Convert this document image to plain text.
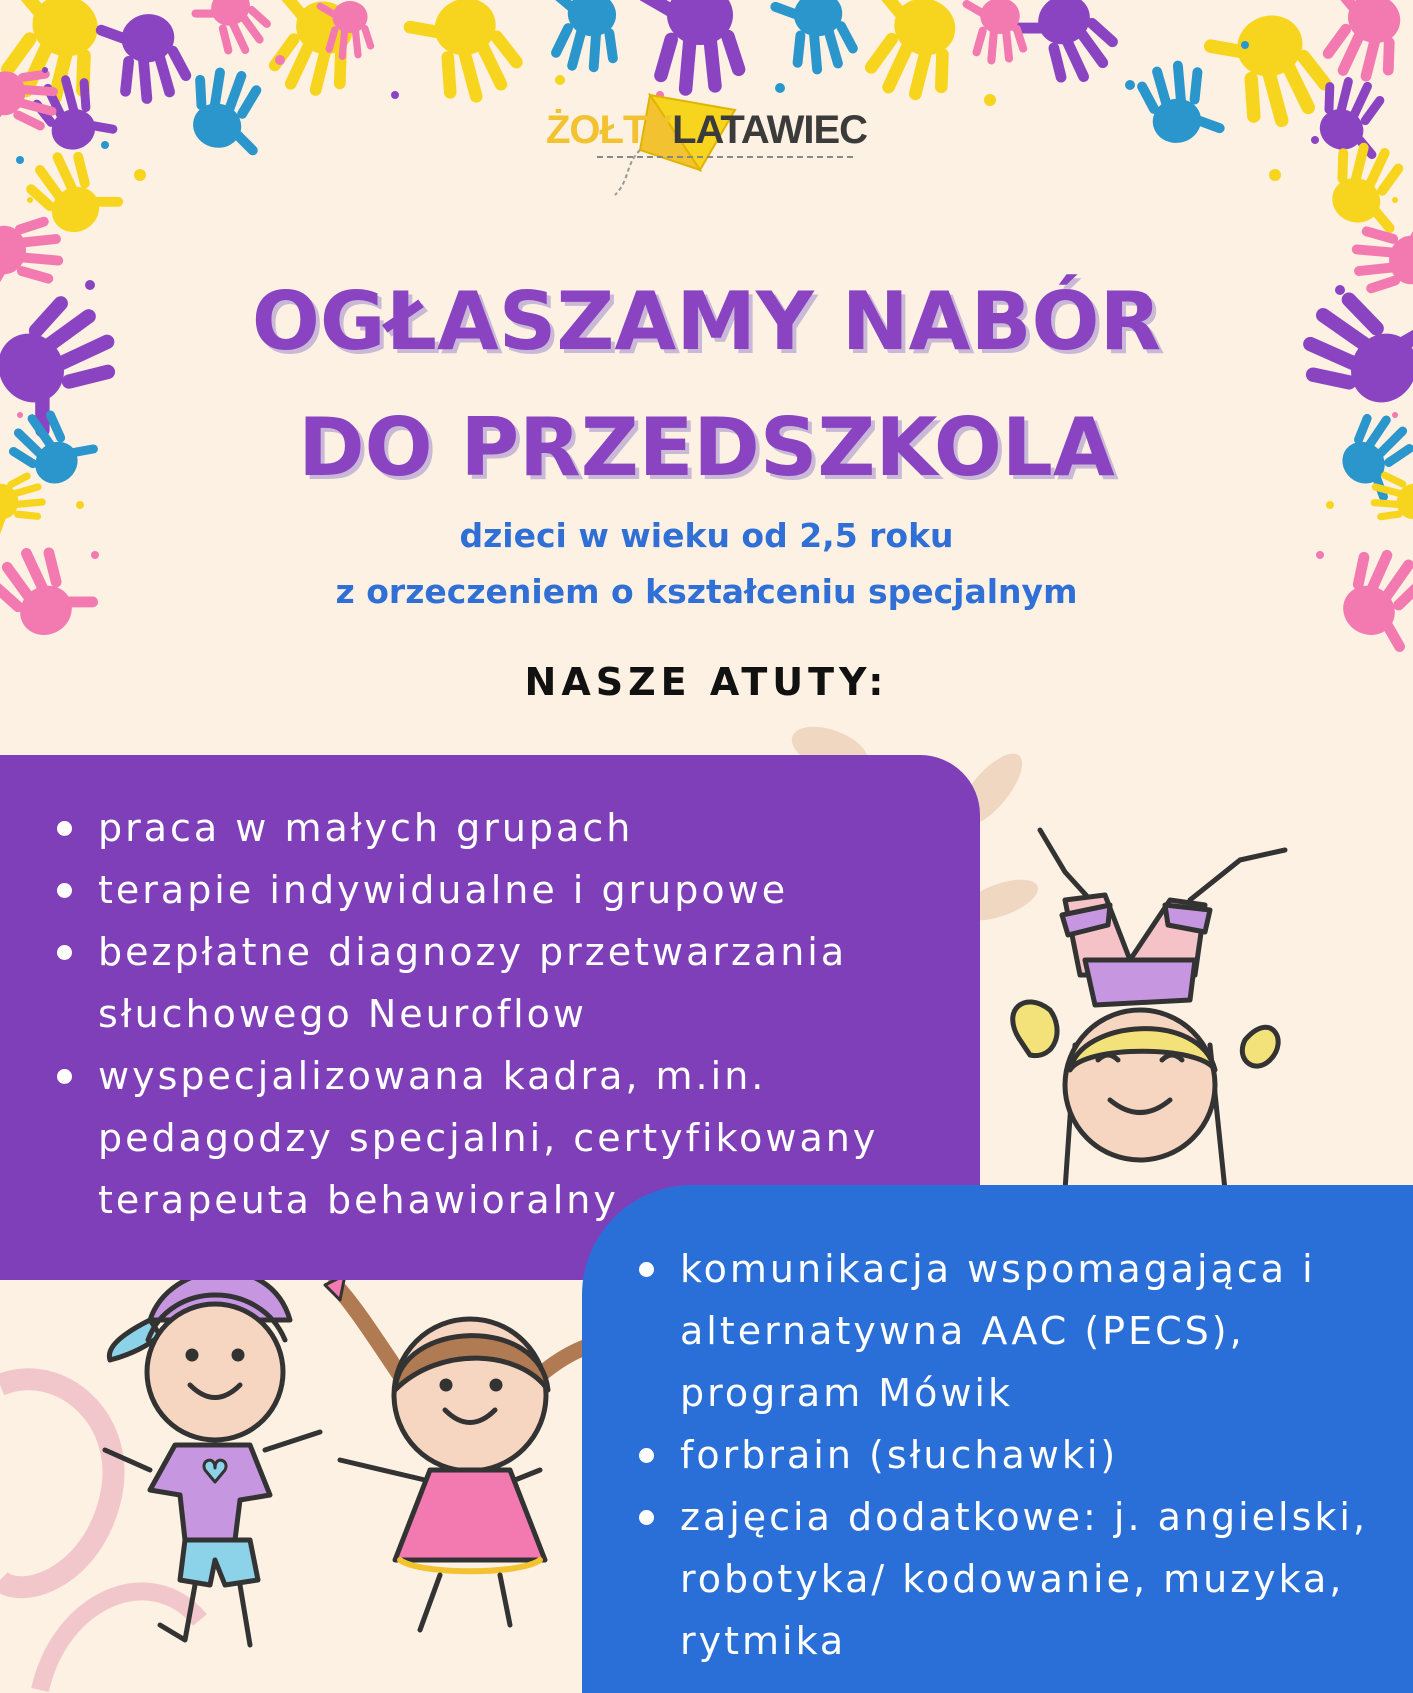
ŻOŁTYLATAWIEC
OGŁASZAMY NABÓR
DO PRZEDSZKOLA
dzieci w wieku od 2,5 roku
z orzeczeniem o kształceniu specjalnym
NASZE ATUTY:
praca w małych grupach
terapie indywidualne i grupowe
bezpłatne diagnozy przetwarzania słuchowego Neuroflow
wyspecjalizowana kadra, m.in. pedagodzy specjalni, certyfikowany terapeuta behawioralny
komunikacja wspomagająca i alternatywna AAC (PECS), program Mówik
forbrain (słuchawki)
zajęcia dodatkowe: j. angielski, robotyka/ kodowanie, muzyka, rytmika
